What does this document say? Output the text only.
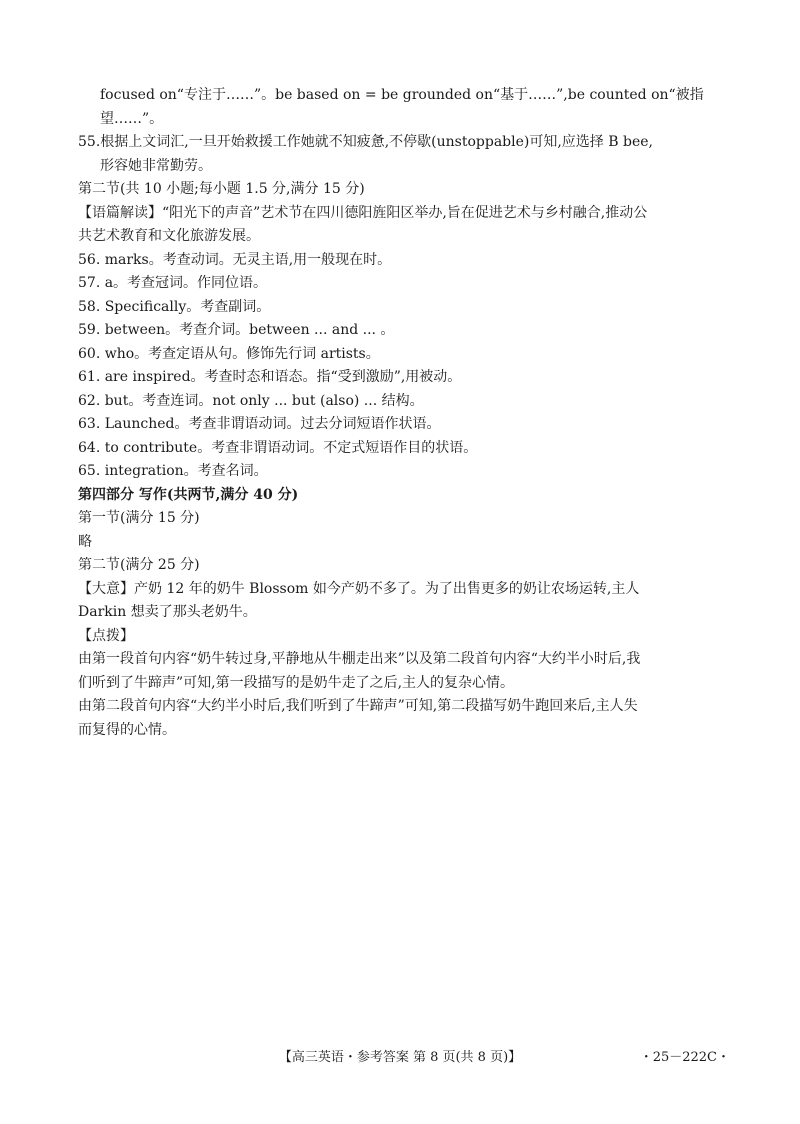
focused on“专注于……”。be based on = be grounded on“基于……”,be counted on“被指
望……”。
55.根据上文词汇,一旦开始救援工作她就不知疲惫,不停歇(unstoppable)可知,应选择 B bee,
形容她非常勤劳。
第二节(共 10 小题;每小题 1.5 分,满分 15 分)
【语篇解读】“阳光下的声音”艺术节在四川德阳旌阳区举办,旨在促进艺术与乡村融合,推动公
共艺术教育和文化旅游发展。
56. marks。考查动词。无灵主语,用一般现在时。
57. a。考查冠词。作同位语。
58. Specifically。考查副词。
59. between。考查介词。between ... and ... 。
60. who。考查定语从句。修饰先行词 artists。
61. are inspired。考查时态和语态。指“受到激励”,用被动。
62. but。考查连词。not only ... but (also) ... 结构。
63. Launched。考查非谓语动词。过去分词短语作状语。
64. to contribute。考查非谓语动词。不定式短语作目的状语。
65. integration。考查名词。
第四部分 写作(共两节,满分 40 分)
第一节(满分 15 分)
略
第二节(满分 25 分)
【大意】产奶 12 年的奶牛 Blossom 如今产奶不多了。为了出售更多的奶让农场运转,主人
Darkin 想卖了那头老奶牛。
【点拨】
由第一段首句内容“奶牛转过身,平静地从牛棚走出来”以及第二段首句内容“大约半小时后,我
们听到了牛蹄声”可知,第一段描写的是奶牛走了之后,主人的复杂心情。
由第二段首句内容“大约半小时后,我们听到了牛蹄声”可知,第二段描写奶牛跑回来后,主人失
而复得的心情。
【高三英语・参考答案 第 8 页(共 8 页)】	・25－222C・
